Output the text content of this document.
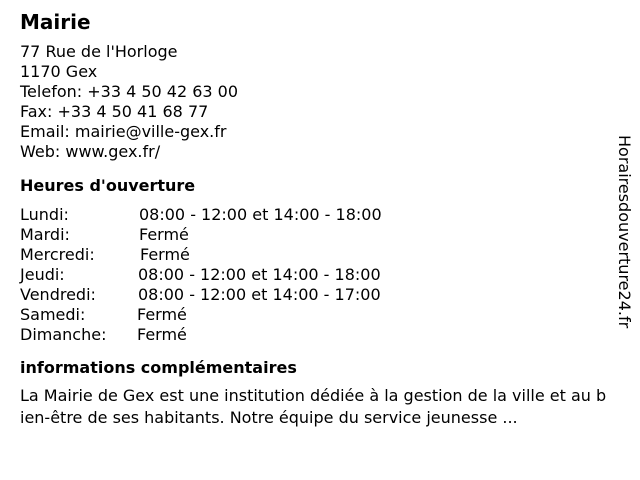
Mairie
77 Rue de l'Horloge
1170 Gex
Telefon: +33 4 50 42 63 00
Fax: +33 4 50 41 68 77
Email: mairie@ville-gex.fr
Web: www.gex.fr/
Heures d'ouverture
Lundi:	08:00 - 12:00 et 14:00 - 18:00
Mardi:	Fermé
Mercredi:	Fermé
Jeudi:	08:00 - 12:00 et 14:00 - 18:00
Vendredi:	08:00 - 12:00 et 14:00 - 17:00
Samedi:	Fermé
Dimanche:	Fermé
informations complémentaires
La Mairie de Gex est une institution dédiée à la gestion de la ville et au bien-être de ses habitants. Notre équipe du service jeunesse ...
Horairesdouverture24.fr
